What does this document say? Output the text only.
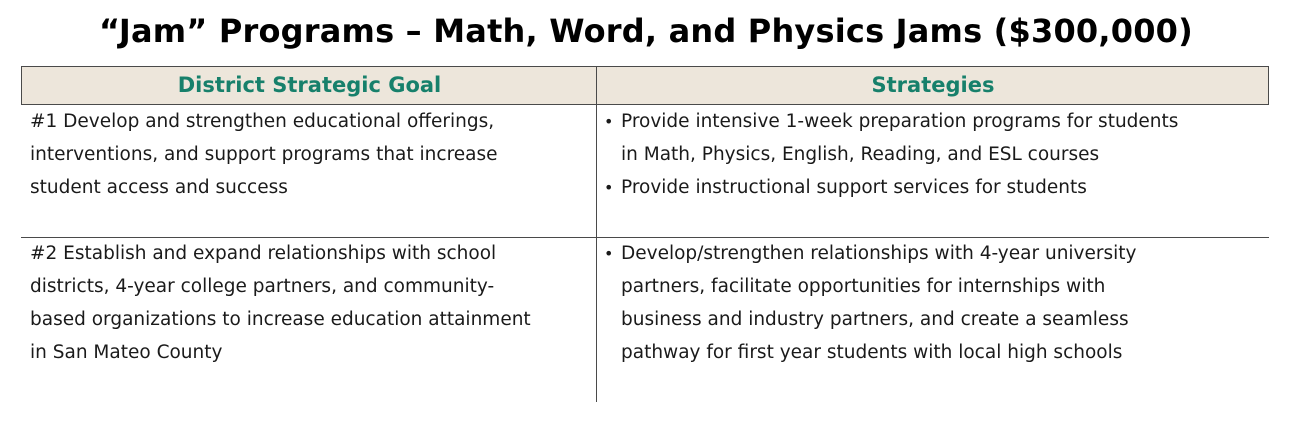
“Jam” Programs – Math, Word, and Physics Jams ($300,000)
District Strategic Goal	Strategies
#1 Develop and strengthen educational offerings,
interventions, and support programs that increase
student access and success
• Provide intensive 1-week preparation programs for students
in Math, Physics, English, Reading, and ESL courses
• Provide instructional support services for students
#2 Establish and expand relationships with school
districts, 4-year college partners, and community-
based organizations to increase education attainment
in San Mateo County
• Develop/strengthen relationships with 4-year university
partners, facilitate opportunities for internships with
business and industry partners, and create a seamless
pathway for first year students with local high schools
